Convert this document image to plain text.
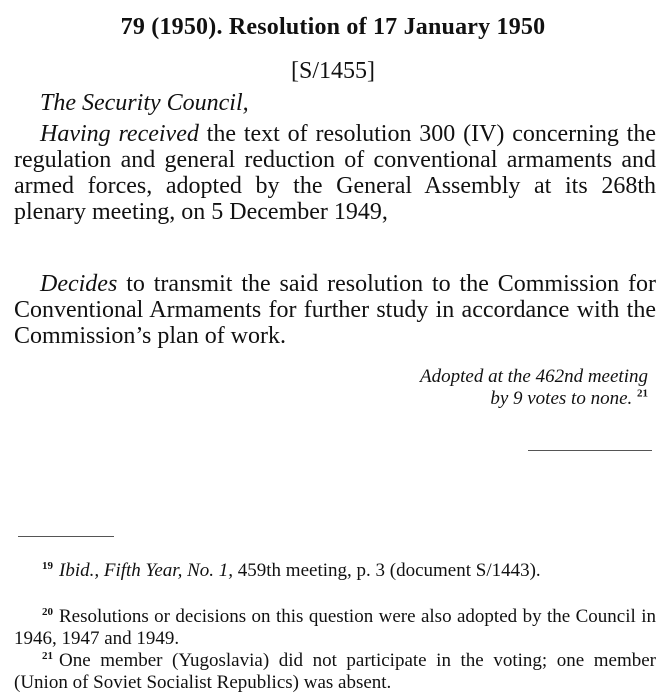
79 (1950). Resolution of 17 January 1950
[S/1455]
The Security Council,
Having received the text of resolution 300 (IV) concerning the regulation and general reduction of conventional armaments and armed forces, adopted by the General Assembly at its 268th plenary meeting, on 5 December 1949,
Decides to transmit the said resolution to the Commission for Conventional Armaments for further study in accordance with the Commission’s plan of work.
Adopted at the 462nd meeting
by 9 votes to none. $^{21}$
$^{19}$ Ibid., Fifth Year, No. 1, 459th meeting, p. 3 (document S/1443).
$^{20}$ Resolutions or decisions on this question were also adopted by the Council in 1946, 1947 and 1949.
$^{21}$ One member (Yugoslavia) did not participate in the voting; one member (Union of Soviet Socialist Republics) was absent.
